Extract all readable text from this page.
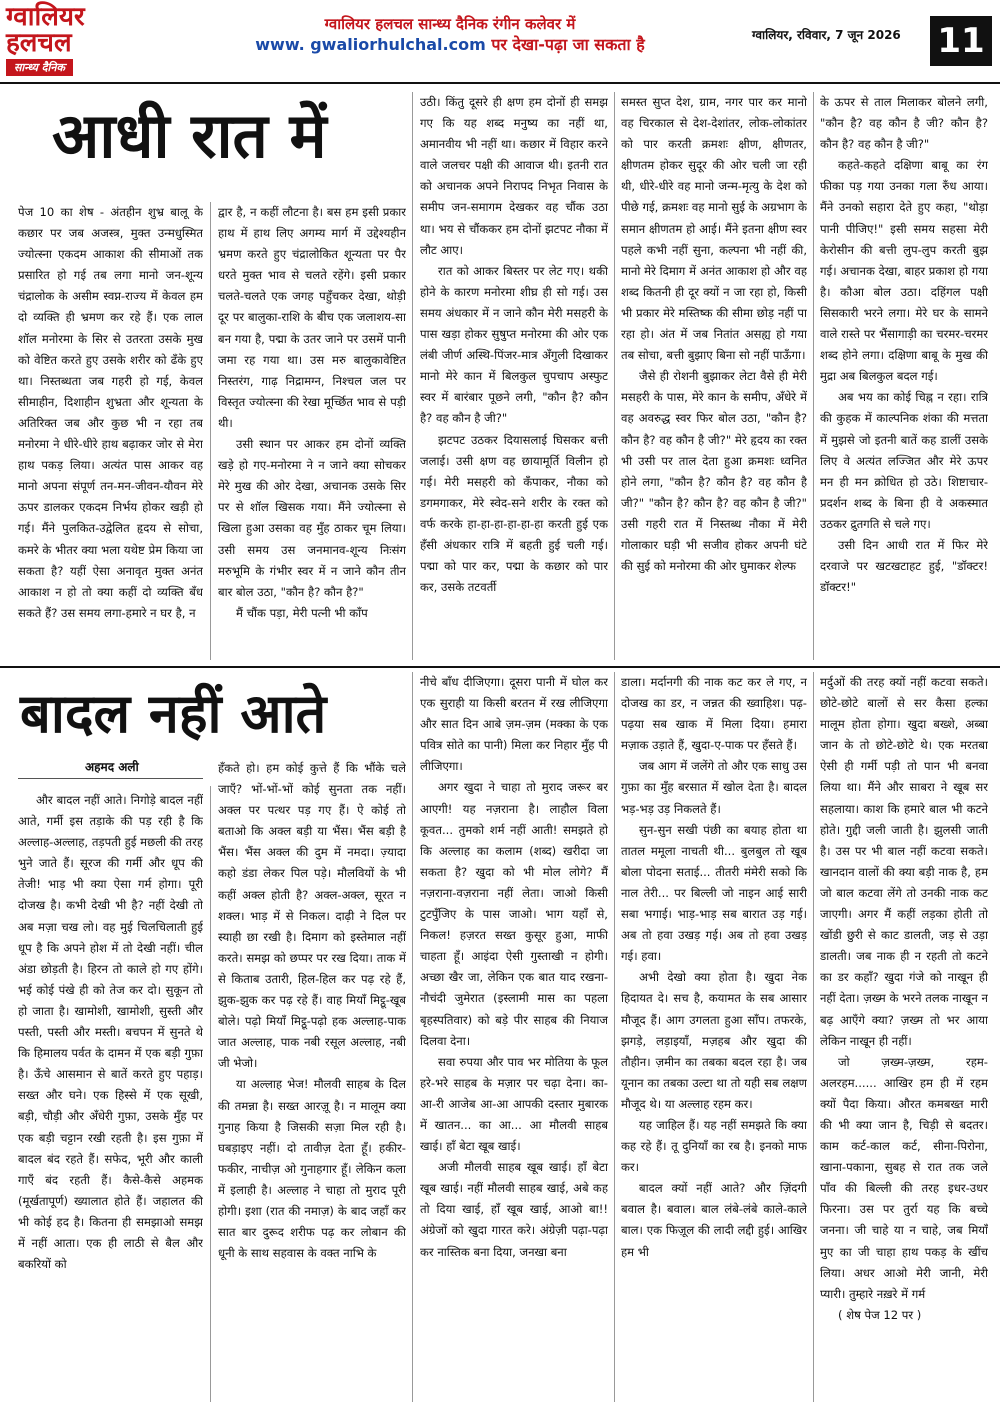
ग्वालियर
हलचल
सान्ध्य दैनिक
ग्वालियर हलचल सान्ध्य दैनिक रंगीन कलेवर में
www. gwaliorhulchal.com पर देखा-पढ़ा जा सकता है	ग्वालियर, रविवार, 7 जून 2026 11
आधी रात में

पेज 10 का शेष - अंतहीन शुभ्र बालू के कछार पर जब अजस्त्र, मुक्त उन्मधुस्मित ज्योत्स्ना एकदम आकाश की सीमाओं तक प्रसारित हो गई तब लगा मानो जन-शून्य चंद्रालोक के असीम स्वप्न-राज्य में केवल हम दो व्यक्ति ही भ्रमण कर रहे हैं। एक लाल शॉल मनोरमा के सिर से उतरता उसके मुख को वेष्टित करते हुए उसके शरीर को ढँके हुए था। निस्तब्धता जब गहरी हो गई, केवल सीमाहीन, दिशाहीन शुभ्रता और शून्यता के अतिरिक्त जब और कुछ भी न रहा तब मनोरमा ने धीरे-धीरे हाथ बढ़ाकर जोर से मेरा हाथ पकड़ लिया। अत्यंत पास आकर वह मानो अपना संपूर्ण तन-मन-जीवन-यौवन मेरे ऊपर डालकर एकदम निर्भय होकर खड़ी हो गई। मैंने पुलकित-उद्वेलित हृदय से सोचा, कमरे के भीतर क्या भला यथेष्ट प्रेम किया जा सकता है? यहीं ऐसा अनावृत मुक्त अनंत आकाश न हो तो क्या कहीं दो व्यक्ति बँध सकते हैं? उस समय लगा-हमारे न घर है, न

द्वार है, न कहीं लौटना है। बस हम इसी प्रकार हाथ में हाथ लिए अगम्य मार्ग में उद्देश्यहीन भ्रमण करते हुए चंद्रालोकित शून्यता पर पैर धरते मुक्त भाव से चलते रहेंगे। इसी प्रकार चलते-चलते एक जगह पहुँचकर देखा, थोड़ी दूर पर बालुका-राशि के बीच एक जलाशय-सा बन गया है, पद्मा के उतर जाने पर उसमें पानी जमा रह गया था। उस मरु बालुकावेष्टित निस्तरंग, गाढ़ निद्रामग्न, निश्चल जल पर विस्तृत ज्योत्स्ना की रेखा मूर्च्छित भाव से पड़ी थी।

उसी स्थान पर आकर हम दोनों व्यक्ति खड़े हो गए-मनोरमा ने न जाने क्या सोचकर मेरे मुख की ओर देखा, अचानक उसके सिर पर से शॉल खिसक गया। मैंने ज्योत्स्ना से खिला हुआ उसका वह मुँह ठाकर चूम लिया। उसी समय उस जनमानव-शून्य निःसंग मरुभूमि के गंभीर स्वर में न जाने कौन तीन बार बोल उठा, "कौन है? कौन है?"

मैं चौंक पड़ा, मेरी पत्नी भी काँप

उठी। किंतु दूसरे ही क्षण हम दोनों ही समझ गए कि यह शब्द मनुष्य का नहीं था, अमानवीय भी नहीं था। कछार में विहार करने वाले जलचर पक्षी की आवाज थी। इतनी रात को अचानक अपने निरापद निभृत निवास के समीप जन-समागम देखकर वह चौंक उठा था। भय से चौंककर हम दोनों झटपट नौका में लौट आए।

रात को आकर बिस्तर पर लेट गए। थकी होने के कारण मनोरमा शीघ्र ही सो गई। उस समय अंधकार में न जाने कौन मेरी मसहरी के पास खड़ा होकर सुषुप्त मनोरमा की ओर एक लंबी जीर्ण अस्थि-पिंजर-मात्र अँगुली दिखाकर मानो मेरे कान में बिलकुल चुपचाप अस्फुट स्वर में बारंबार पूछने लगी, "कौन है? कौन है? वह कौन है जी?"

झटपट उठकर दियासलाई घिसकर बत्ती जलाई। उसी क्षण वह छायामूर्ति विलीन हो गई। मेरी मसहरी को कँपाकर, नौका को डगमगाकर, मेरे स्वेद-सने शरीर के रक्त को वर्फ करके हा-हा-हा-हा-हा-हा करती हुई एक हँसी अंधकार रात्रि में बहती हुई चली गई। पद्मा को पार कर, पद्मा के कछार को पार कर, उसके तटवर्ती

समस्त सुप्त देश, ग्राम, नगर पार कर मानो वह चिरकाल से देश-देशांतर, लोक-लोकांतर को पार करती क्रमशः क्षीण, क्षीणतर, क्षीणतम होकर सुदूर की ओर चली जा रही थी, धीरे-धीरे वह मानो जन्म-मृत्यु के देश को पीछे गई, क्रमशः वह मानो सुई के अग्रभाग के समान क्षीणतम हो आई। मैंने इतना क्षीण स्वर पहले कभी नहीं सुना, कल्पना भी नहीं की, मानो मेरे दिमाग में अनंत आकाश हो और वह शब्द कितनी ही दूर क्यों न जा रहा हो, किसी भी प्रकार मेरे मस्तिष्क की सीमा छोड़ नहीं पा रहा हो। अंत में जब नितांत असह्य हो गया तब सोचा, बत्ती बुझाए बिना सो नहीं पाऊँगा।

जैसे ही रोशनी बुझाकर लेटा वैसे ही मेरी मसहरी के पास, मेरे कान के समीप, अँधेरे में वह अवरुद्ध स्वर फिर बोल उठा, "कौन है? कौन है? वह कौन है जी?" मेरे हृदय का रक्त भी उसी पर ताल देता हुआ क्रमशः ध्वनित होने लगा, "कौन है? कौन है? वह कौन है जी?" "कौन है? कौन है? वह कौन है जी?" उसी गहरी रात में निस्तब्ध नौका में मेरी गोलाकार घड़ी भी सजीव होकर अपनी घंटे की सुई को मनोरमा की ओर घुमाकर शेल्फ

के ऊपर से ताल मिलाकर बोलने लगी, "कौन है? वह कौन है जी? कौन है? कौन है? वह कौन है जी?"

कहते-कहते दक्षिणा बाबू का रंग फीका पड़ गया उनका गला रुँध आया। मैंने उनको सहारा देते हुए कहा, "थोड़ा पानी पीजिए!" इसी समय सहसा मेरी केरोसीन की बत्ती लुप-लुप करती बुझ गई। अचानक देखा, बाहर प्रकाश हो गया है। कौआ बोल उठा। दहिंगल पक्षी सिसकारी भरने लगा। मेरे घर के सामने वाले रास्ते पर भैंसागाड़ी का चरमर-चरमर शब्द होने लगा। दक्षिणा बाबू के मुख की मुद्रा अब बिलकुल बदल गई।

अब भय का कोई चिह्न न रहा। रात्रि की कुहक में काल्पनिक शंका की मत्तता में मुझसे जो इतनी बातें कह डालीं उसके लिए वे अत्यंत लज्जित और मेरे ऊपर मन ही मन क्रोधित हो उठे। शिष्टाचार-प्रदर्शन शब्द के बिना ही वे अकस्मात उठकर द्रुतगति से चले गए।

उसी दिन आधी रात में फिर मेरे दरवाजे पर खटखटाहट हुई, "डॉक्टर! डॉक्टर!"

बादल नहीं आते
अहमद अली

और बादल नहीं आते। निगोड़े बादल नहीं आते, गर्मी इस तड़ाके की पड़ रही है कि अल्लाह-अल्लाह, तड़पती हुई मछली की तरह भुने जाते हैं। सूरज की गर्मी और धूप की तेजी! भाड़ भी क्या ऐसा गर्म होगा। पूरी दोजख है। कभी देखी भी है? नहीं देखी तो अब मज़ा चख लो। वह मुई चिलचिलाती हुई धूप है कि अपने होश में तो देखी नहीं। चील अंडा छोड़ती है। हिरन तो काले हो गए होंगे। भई कोई पंखे ही को तेज कर दो। सुकून तो हो जाता है। खामोशी, खामोशी, सुस्ती और पस्ती, पस्ती और मस्ती। बचपन में सुनते थे कि हिमालय पर्वत के दामन में एक बड़ी गुफ़ा है। ऊँचे आसमान से बातें करते हुए पहाड़। सख्त और घने। एक हिस्से में एक सूखी, बड़ी, चौड़ी और अँधेरी गुफ़ा, उसके मुँह पर एक बड़ी चट्टान रखी रहती है। इस गुफ़ा में बादल बंद रहते हैं। सफेद, भूरी और काली गाएँ बंद रहती हैं। कैसे-कैसे अहमक (मूर्खतापूर्ण) ख्यालात होते हैं। जहालत की भी कोई हद है। कितना ही समझाओ समझ में नहीं आता। एक ही लाठी से बैल और बकरियों को

हँकते हो। हम कोई कुत्ते हैं कि भौंके चले जाएँ? भों-भों-भों कोई सुनता तक नहीं। अक्ल पर पत्थर पड़ गए हैं। ऐ कोई तो बताओ कि अक्ल बड़ी या भैंस। भैंस बड़ी है भैंस। भैंस अक्ल की दुम में नमदा। ज़्यादा कहो डंडा लेकर पिल पड़े। मौलवियों के भी कहीं अक्ल होती है? अक्ल-अक्ल, सूरत न शक्ल। भाड़ में से निकल। दाढ़ी ने दिल पर स्याही छा रखी है। दिमाग को इस्तेमाल नहीं करते। समझ को छप्पर पर रख दिया। ताक में से किताब उतारी, हिल-हिल कर पढ़ रहे हैं, झुक-झुक कर पढ़ रहे हैं। वाह मियाँ मिट्ठू-खूब बोले। पढ़ो मियाँ मिट्ठू-पढ़ो हक अल्लाह-पाक जात अल्लाह, पाक नबी रसूल अल्लाह, नबी जी भेजो।

या अल्लाह भेज! मौलवी साहब के दिल की तमन्ना है। सख्त आरज़ू है। न मालूम क्या गुनाह किया है जिसकी सज़ा मिल रही है। घबड़ाइए नहीं। दो तावीज़ देता हूँ। हकीर-फकीर, नाचीज़ ओ गुनाहगार हूँ। लेकिन कला में इलाही है। अल्लाह ने चाहा तो मुराद पूरी होगी। इशा (रात की नमाज़) के बाद जहाँ कर सात बार दुरूद शरीफ पढ़ कर लोबान की धूनी के साथ सहवास के वक्त नाभि के

नीचे बाँध दीजिएगा। दूसरा पानी में घोल कर एक सुराही या किसी बरतन में रख लीजिएगा और सात दिन आबे ज़म-ज़म (मक्का के एक पवित्र सोते का पानी) मिला कर निहार मुँह पी लीजिएगा।

अगर खुदा ने चाहा तो मुराद जरूर बर आएगी! यह नज़राना है। लाहौल विला कूवत... तुमको शर्म नहीं आती! समझते हो कि अल्लाह का कलाम (शब्द) खरीदा जा सकता है? खुदा को भी मोल लोगे? मैं नज़राना-वज़राना नहीं लेता। जाओ किसी टुटपुँजिए के पास जाओ। भाग यहाँ से, निकल! हज़रत सख्त कुसूर हुआ, माफी चाहता हूँ। आइंदा ऐसी गुस्ताखी न होगी। अच्छा खैर जा, लेकिन एक बात याद रखना-नौचंदी जुमेरात (इस्लामी मास का पहला बृहस्पतिवार) को बड़े पीर साहब की नियाज दिलवा देना।

सवा रुपया और पाव भर मोतिया के फूल हरे-भरे साहब के मज़ार पर चढ़ा देना। का-आ-री आजेब आ-आ आपकी दस्तार मुबारक में खातन... का आ... आ मौलवी साहब खाई। हाँ बेटा खूब खाई।

अजी मौलवी साहब खूब खाई। हाँ बेटा खूब खाई। नहीं मौलवी साहब खाई, अबे कह तो दिया खाई, हाँ खूब खाई, आओ बा!! अंग्रेजों को खुदा गारत करे। अंग्रेज़ी पढ़ा-पढ़ा कर नास्तिक बना दिया, जनखा बना

डाला। मर्दानगी की नाक कट कर ले गए, न दोजख का डर, न जन्नत की ख्वाहिश। पढ़-पढ़या सब खाक में मिला दिया। हमारा मज़ाक उड़ाते हैं, खुदा-ए-पाक पर हँसते हैं।

जब आग में जलेंगे तो और एक साधु उस गुफ़ा का मुँह बरसात में खोल देता है। बादल भड़-भड़ उड़ निकलते हैं।

सुन-सुन सखी पंछी का बयाह होता था तातल ममूला नाचती थी... बुलबुल तो खूब बोला पोदना सताई... तीतरी मंमेरी सको कि नाल तेरी... पर बिल्ली जो नाइन आई सारी सबा भगाई। भाड़-भाड़ सब बारात उड़ गई। अब तो हवा उखड़ गई। अब तो हवा उखड़ गई। हवा।

अभी देखो क्या होता है। खुदा नेक हिदायत दे। सच है, कयामत के सब आसार मौजूद हैं। आग उगलता हुआ साँप। तफरके, झगड़े, लड़ाइयाँ, मज़हब और खुदा की तौहीन। ज़मीन का तबका बदल रहा है। जब यूनान का तबका उल्टा था तो यही सब लक्षण मौजूद थे। या अल्लाह रहम कर।

यह जाहिल हैं। यह नहीं समझते कि क्या कह रहे हैं। तू दुनियाँ का रब है। इनको माफ कर।

बादल क्यों नहीं आते? और ज़िंदगी बवाल है। बवाल। बाल लंबे-लंबे काले-काले बाल। एक फिज़ूल की लादी लद्दी हुई। आखिर हम भी

मर्दुओं की तरह क्यों नहीं कटवा सकते। छोटे-छोटे बालों से सर कैसा हल्का मालूम होता होगा। खुदा बख्शे, अब्बा जान के तो छोटे-छोटे थे। एक मरतबा ऐसी ही गर्मी पड़ी तो पान भी बनवा लिया था। मैंने और साबरा ने खूब सर सहलाया। काश कि हमारे बाल भी कटने होते। गुद्दी जली जाती है। झुलसी जाती है। उस पर भी बाल नहीं कटवा सकते। खानदान वालों की क्या बड़ी नाक है, हम जो बाल कटवा लेंगे तो उनकी नाक कट जाएगी। अगर मैं कहीं लड़का होती तो खोंडी छुरी से काट डालती, जड़ से उड़ा डालती। जब नाक ही न रहती तो कटने का डर कहाँ? खुदा गंजे को नाखून ही नहीं देता। ज़ख्म के भरने तलक नाखून न बढ़ आएँगे क्या? ज़ख्म तो भर आया लेकिन नाखून ही नहीं।

जो ज़ख्म-ज़ख्म, रहम-अलरहम...... आखिर हम ही में रहम क्यों पैदा किया। औरत कमबख्त मारी की भी क्या जान है, चिड़ी से बदतर। काम कर्ट-काल कर्ट, सीना-पिरोना, खाना-पकाना, सुबह से रात तक जले पाँव की बिल्ली की तरह इधर-उधर फिरना। उस पर तुर्रा यह कि बच्चे जनना। जी चाहे या न चाहे, जब मियाँ मुए का जी चाहा हाथ पकड़ के खींच लिया। अधर आओ मेरी जानी, मेरी प्यारी। तुम्हारे नख़रे में गर्म

( शेष पेज 12 पर )
